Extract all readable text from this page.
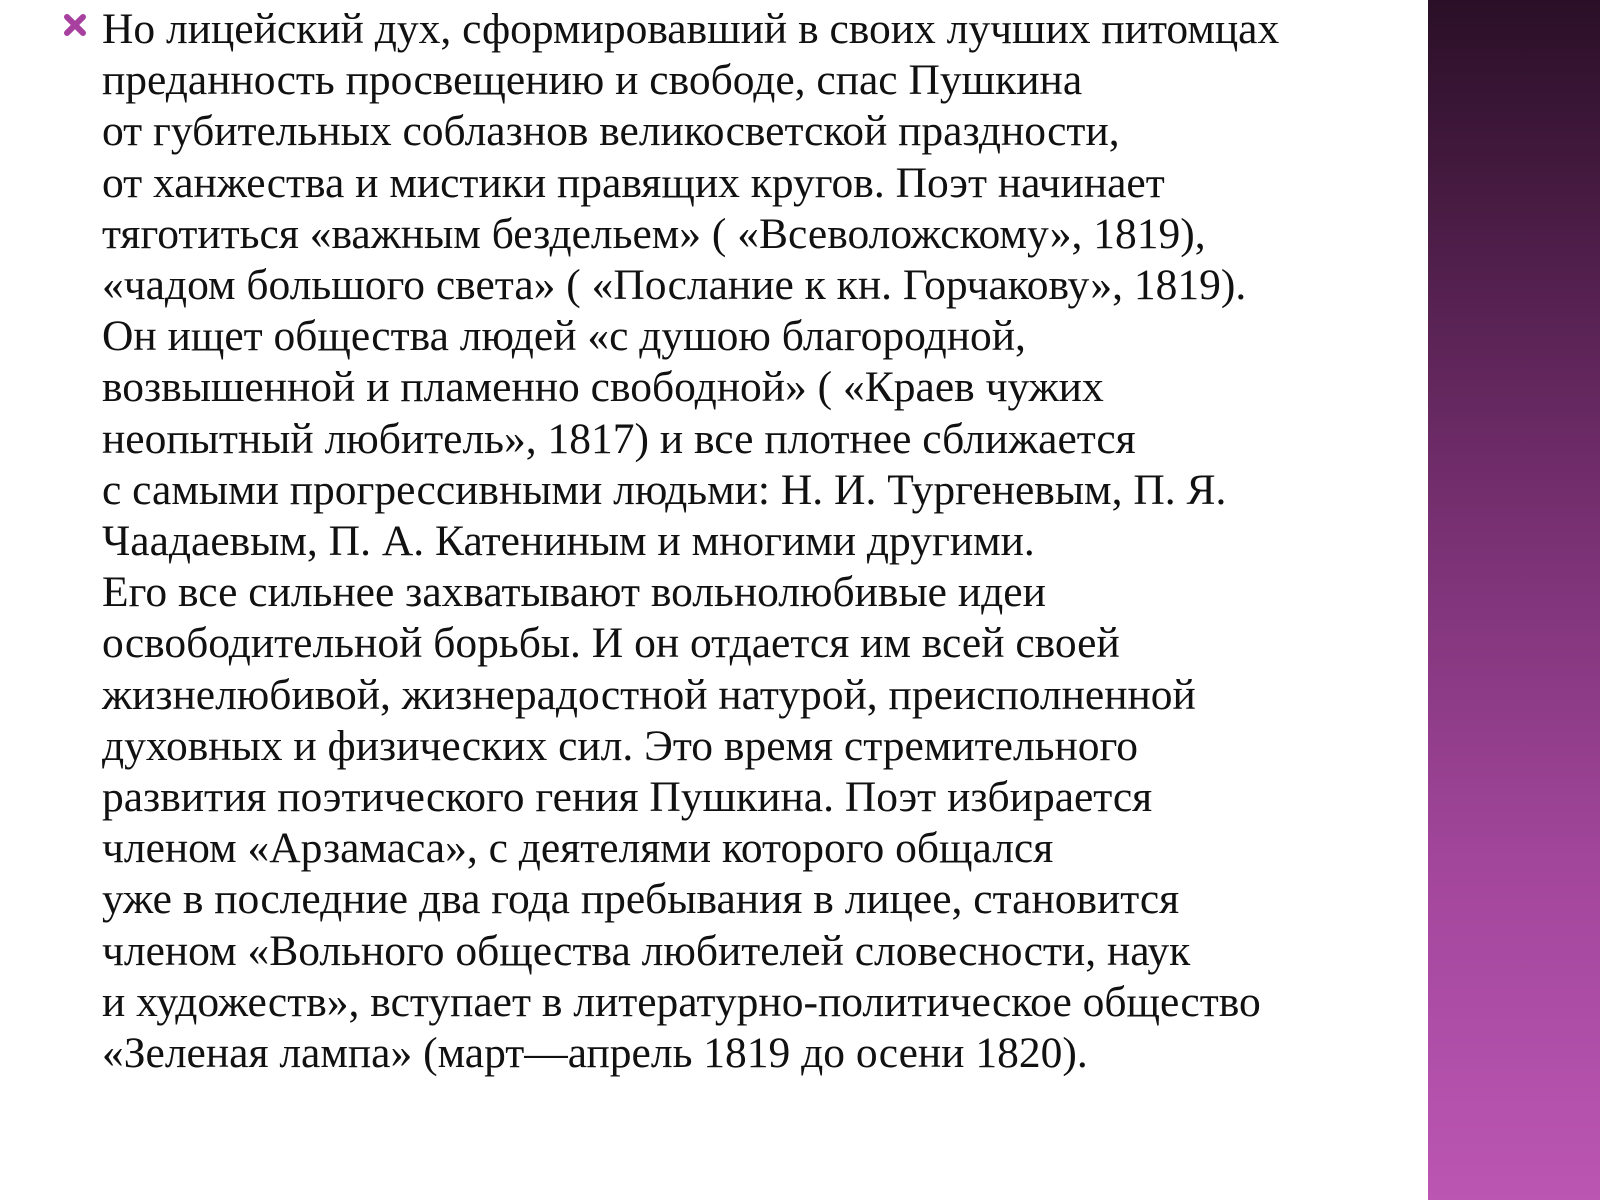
Но лицейский дух, сформировавший в своих лучших питомцах
преданность просвещению и свободе, спас Пушкина
от губительных соблазнов великосветской праздности,
от ханжества и мистики правящих кругов. Поэт начинает
тяготиться «важным бездельем» ( «Всеволожскому», 1819),
«чадом большого света» ( «Послание к кн. Горчакову», 1819).
Он ищет общества людей «с душою благородной,
возвышенной и пламенно свободной» ( «Краев чужих
неопытный любитель», 1817) и все плотнее сближается
с самыми прогрессивными людьми: Н. И. Тургеневым, П. Я.
Чаадаевым, П. А. Катениным и многими другими.
Его все сильнее захватывают вольнолюбивые идеи
освободительной борьбы. И он отдается им всей своей
жизнелюбивой, жизнерадостной натурой, преисполненной
духовных и физических сил. Это время стремительного
развития поэтического гения Пушкина. Поэт избирается
членом «Арзамаса», с деятелями которого общался
уже в последние два года пребывания в лицее, становится
членом «Вольного общества любителей словесности, наук
и художеств», вступает в литературно-политическое общество
«Зеленая лампа» (март—апрель 1819 до осени 1820).
